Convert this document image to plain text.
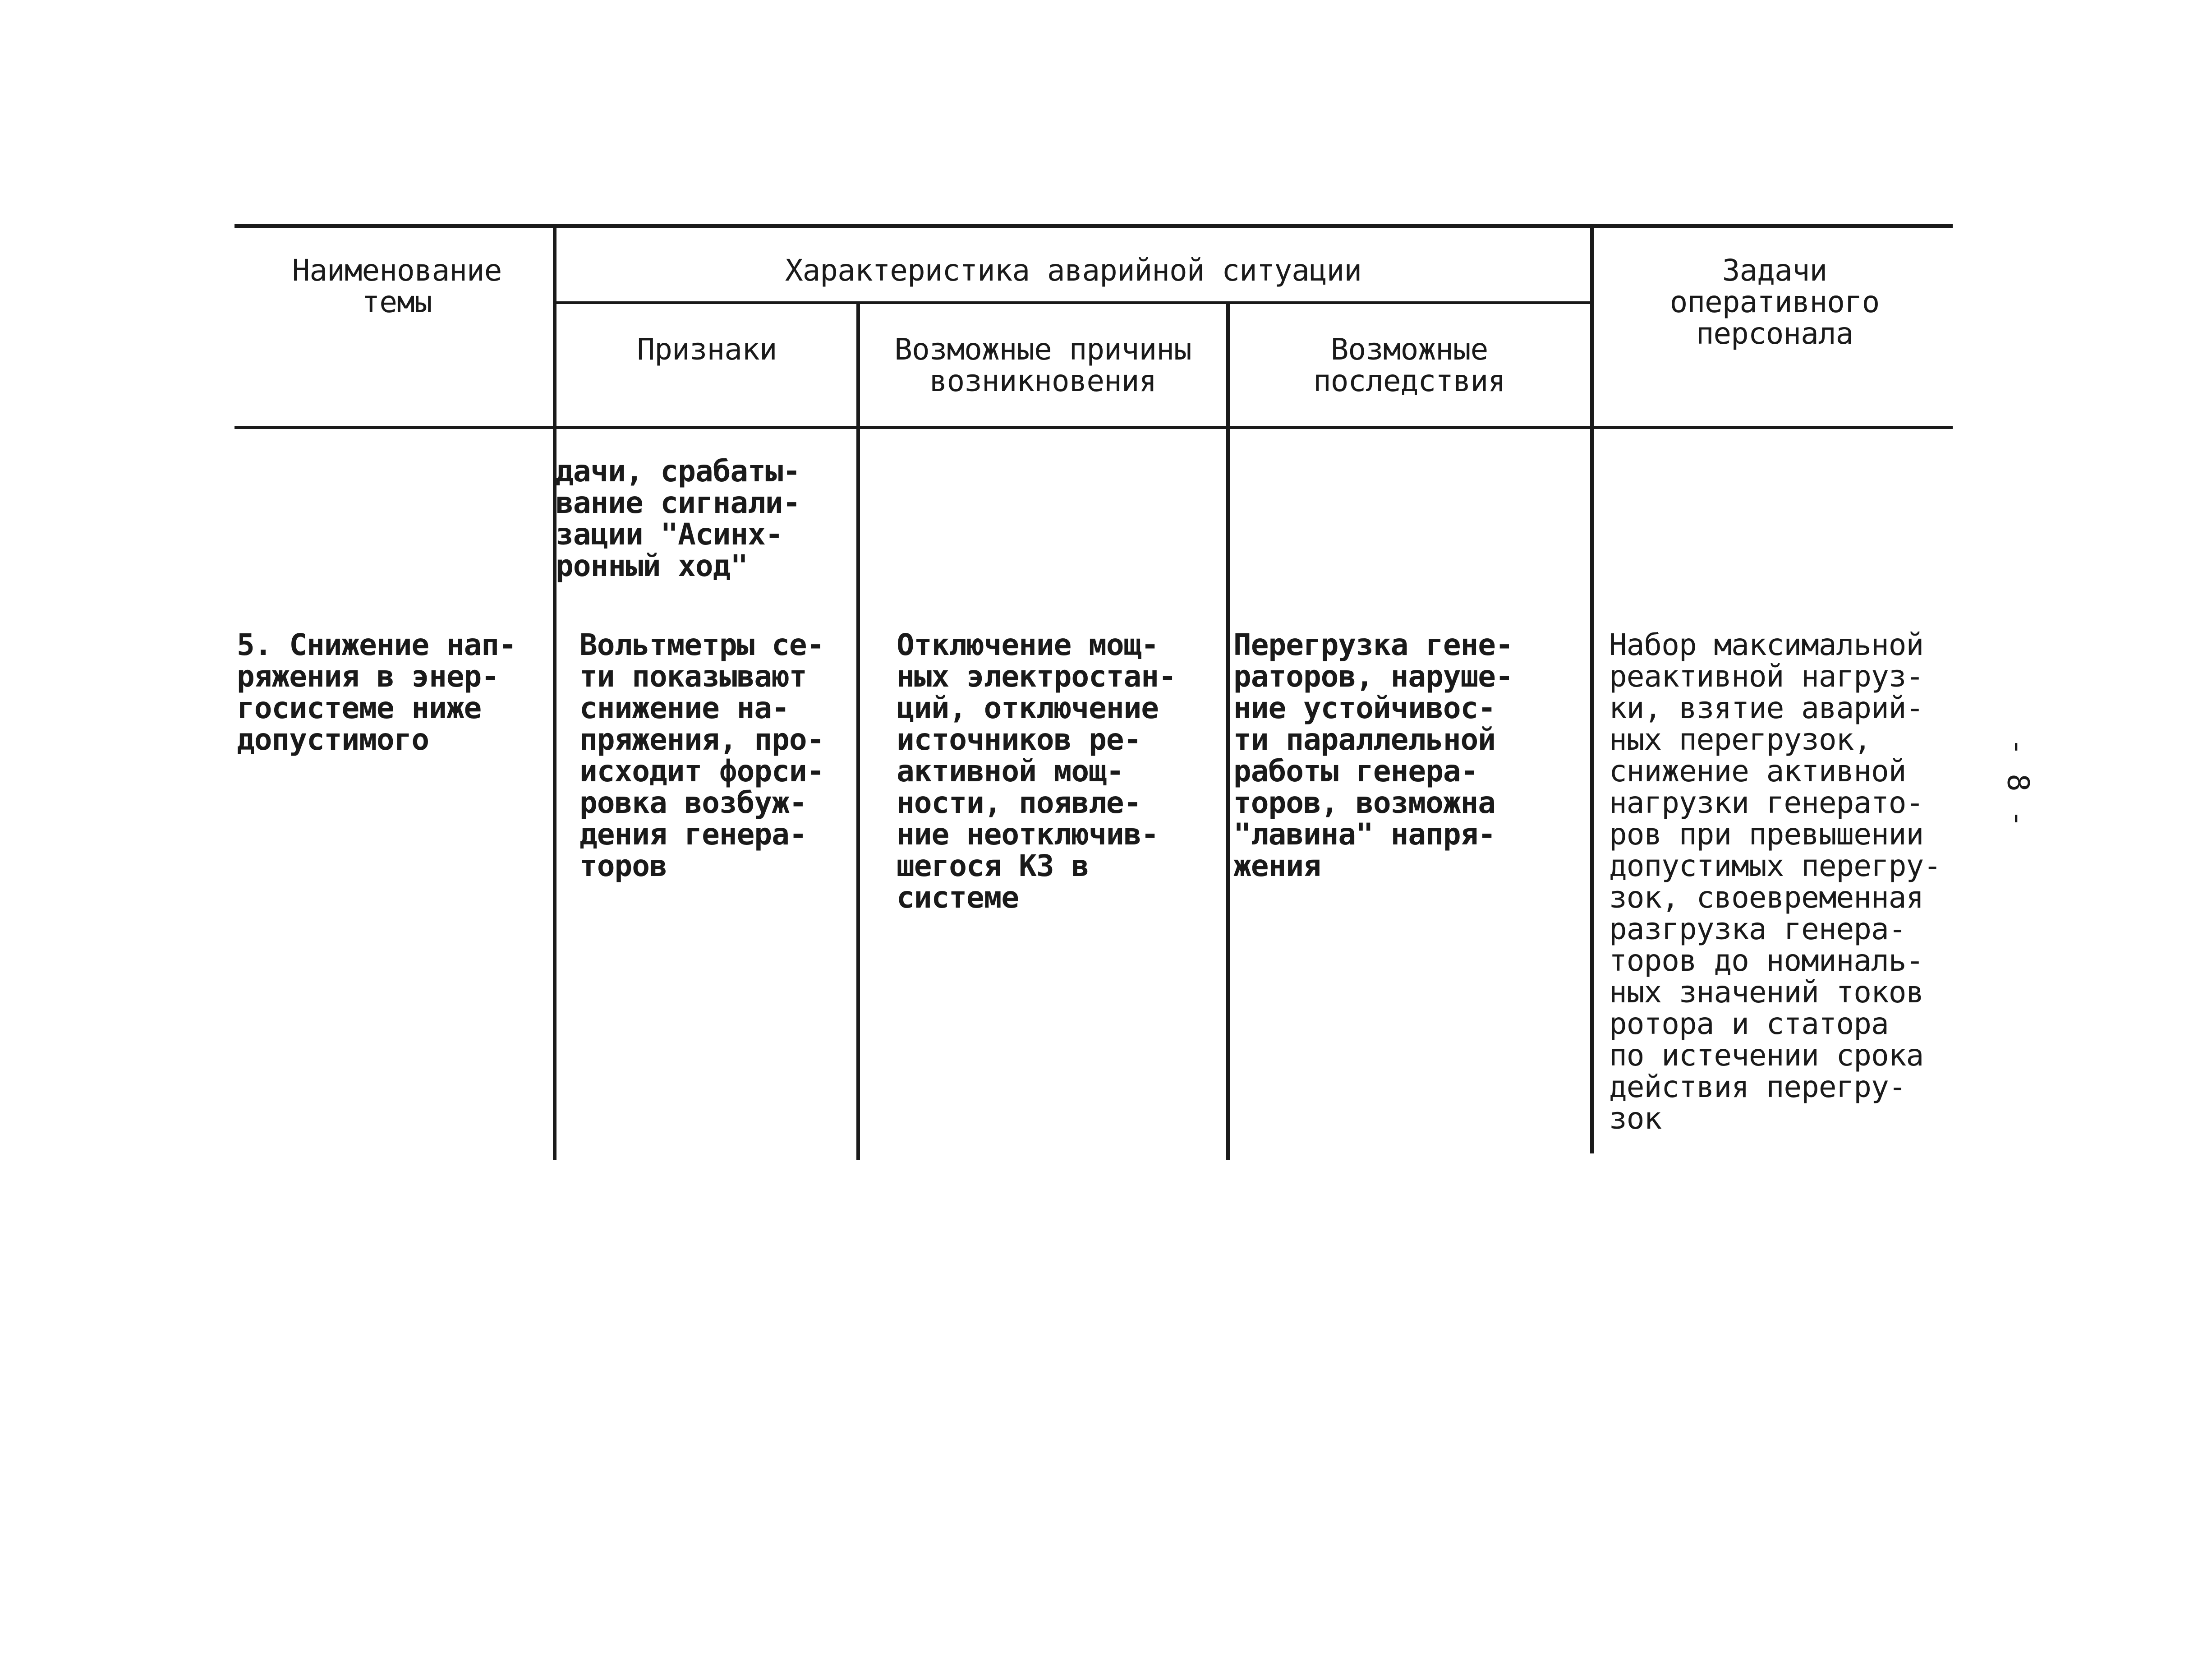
Наименование
темы
Характеристика аварийной ситуации
Признаки	Возможные причины
возникновения
Возможные
последствия
Задачи
оперативного
персонала
дачи, срабаты-
вание сигнали-
зации "Асинх-
ронный ход"
5. Снижение нап-
ряжения в энер-
госистеме ниже
допустимого
Вольтметры се-
ти показывают
снижение на-
пряжения, про-
исходит форси-
ровка возбуж-
дения генера-
торов
Отключение мощ-
ных электростан-
ций, отключение
источников ре-
активной мощ-
ности, появле-
ние неотключив-
шегося КЗ в
системе
Перегрузка гене-
раторов, наруше-
ние устойчивос-
ти параллельной
работы генера-
торов, возможна
"лавина" напря-
жения
Набор максимальной
реактивной нагруз-
ки, взятие аварий-
ных перегрузок,
снижение активной
нагрузки генерато-
ров при превышении
допустимых перегру-
зок, своевременная
разгрузка генера-
торов до номиналь-
ных значений токов
ротора и статора
по истечении срока
действия перегру-
зок
- 8 -
